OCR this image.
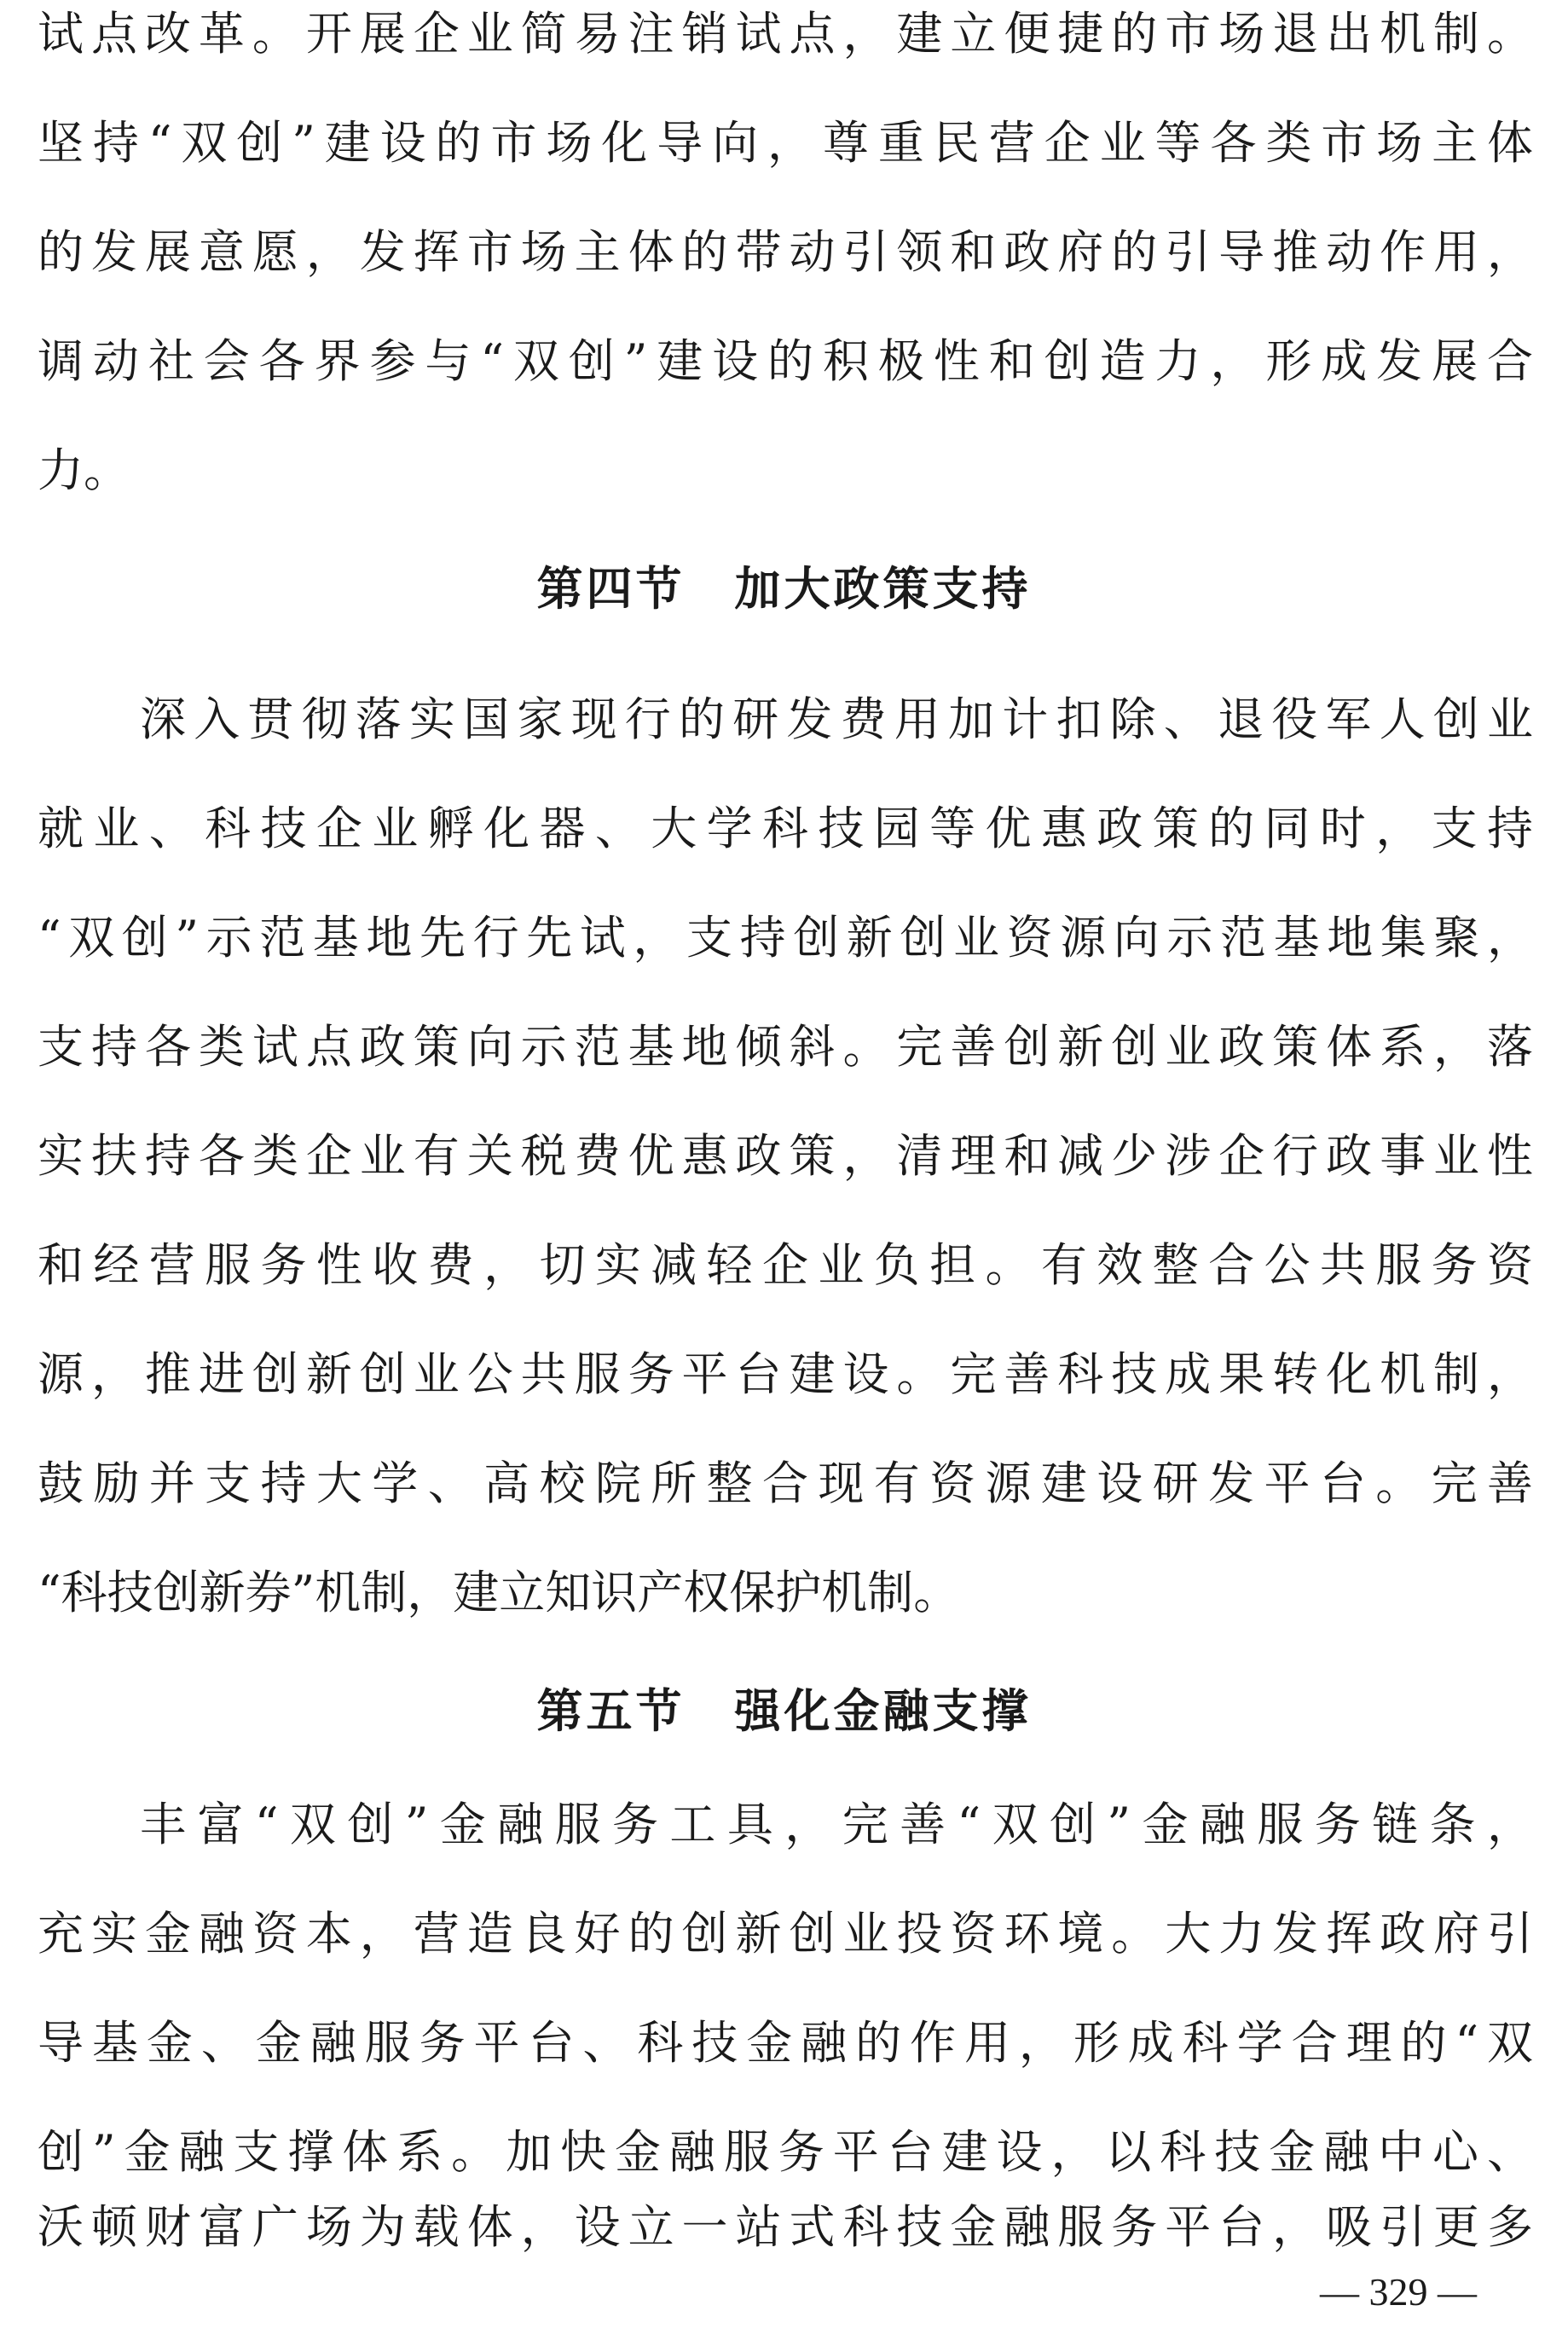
试点改革。开展企业简易注销试点，建立便捷的市场退出机制。
坚持“双创”建设的市场化导向，尊重民营企业等各类市场主体
的发展意愿，发挥市场主体的带动引领和政府的引导推动作用，
调动社会各界参与“双创”建设的积极性和创造力，形成发展合
力。
第四节　加大政策支持
深入贯彻落实国家现行的研发费用加计扣除、退役军人创业
就业、科技企业孵化器、大学科技园等优惠政策的同时，支持
“双创”示范基地先行先试，支持创新创业资源向示范基地集聚，
支持各类试点政策向示范基地倾斜。完善创新创业政策体系，落
实扶持各类企业有关税费优惠政策，清理和减少涉企行政事业性
和经营服务性收费，切实减轻企业负担。有效整合公共服务资
源，推进创新创业公共服务平台建设。完善科技成果转化机制，
鼓励并支持大学、高校院所整合现有资源建设研发平台。完善
“科技创新券”机制，建立知识产权保护机制。
第五节　强化金融支撑
丰富“双创”金融服务工具，完善“双创”金融服务链条，
充实金融资本，营造良好的创新创业投资环境。大力发挥政府引
导基金、金融服务平台、科技金融的作用，形成科学合理的“双
创”金融支撑体系。加快金融服务平台建设，以科技金融中心、
沃顿财富广场为载体，设立一站式科技金融服务平台，吸引更多
— 329 —
